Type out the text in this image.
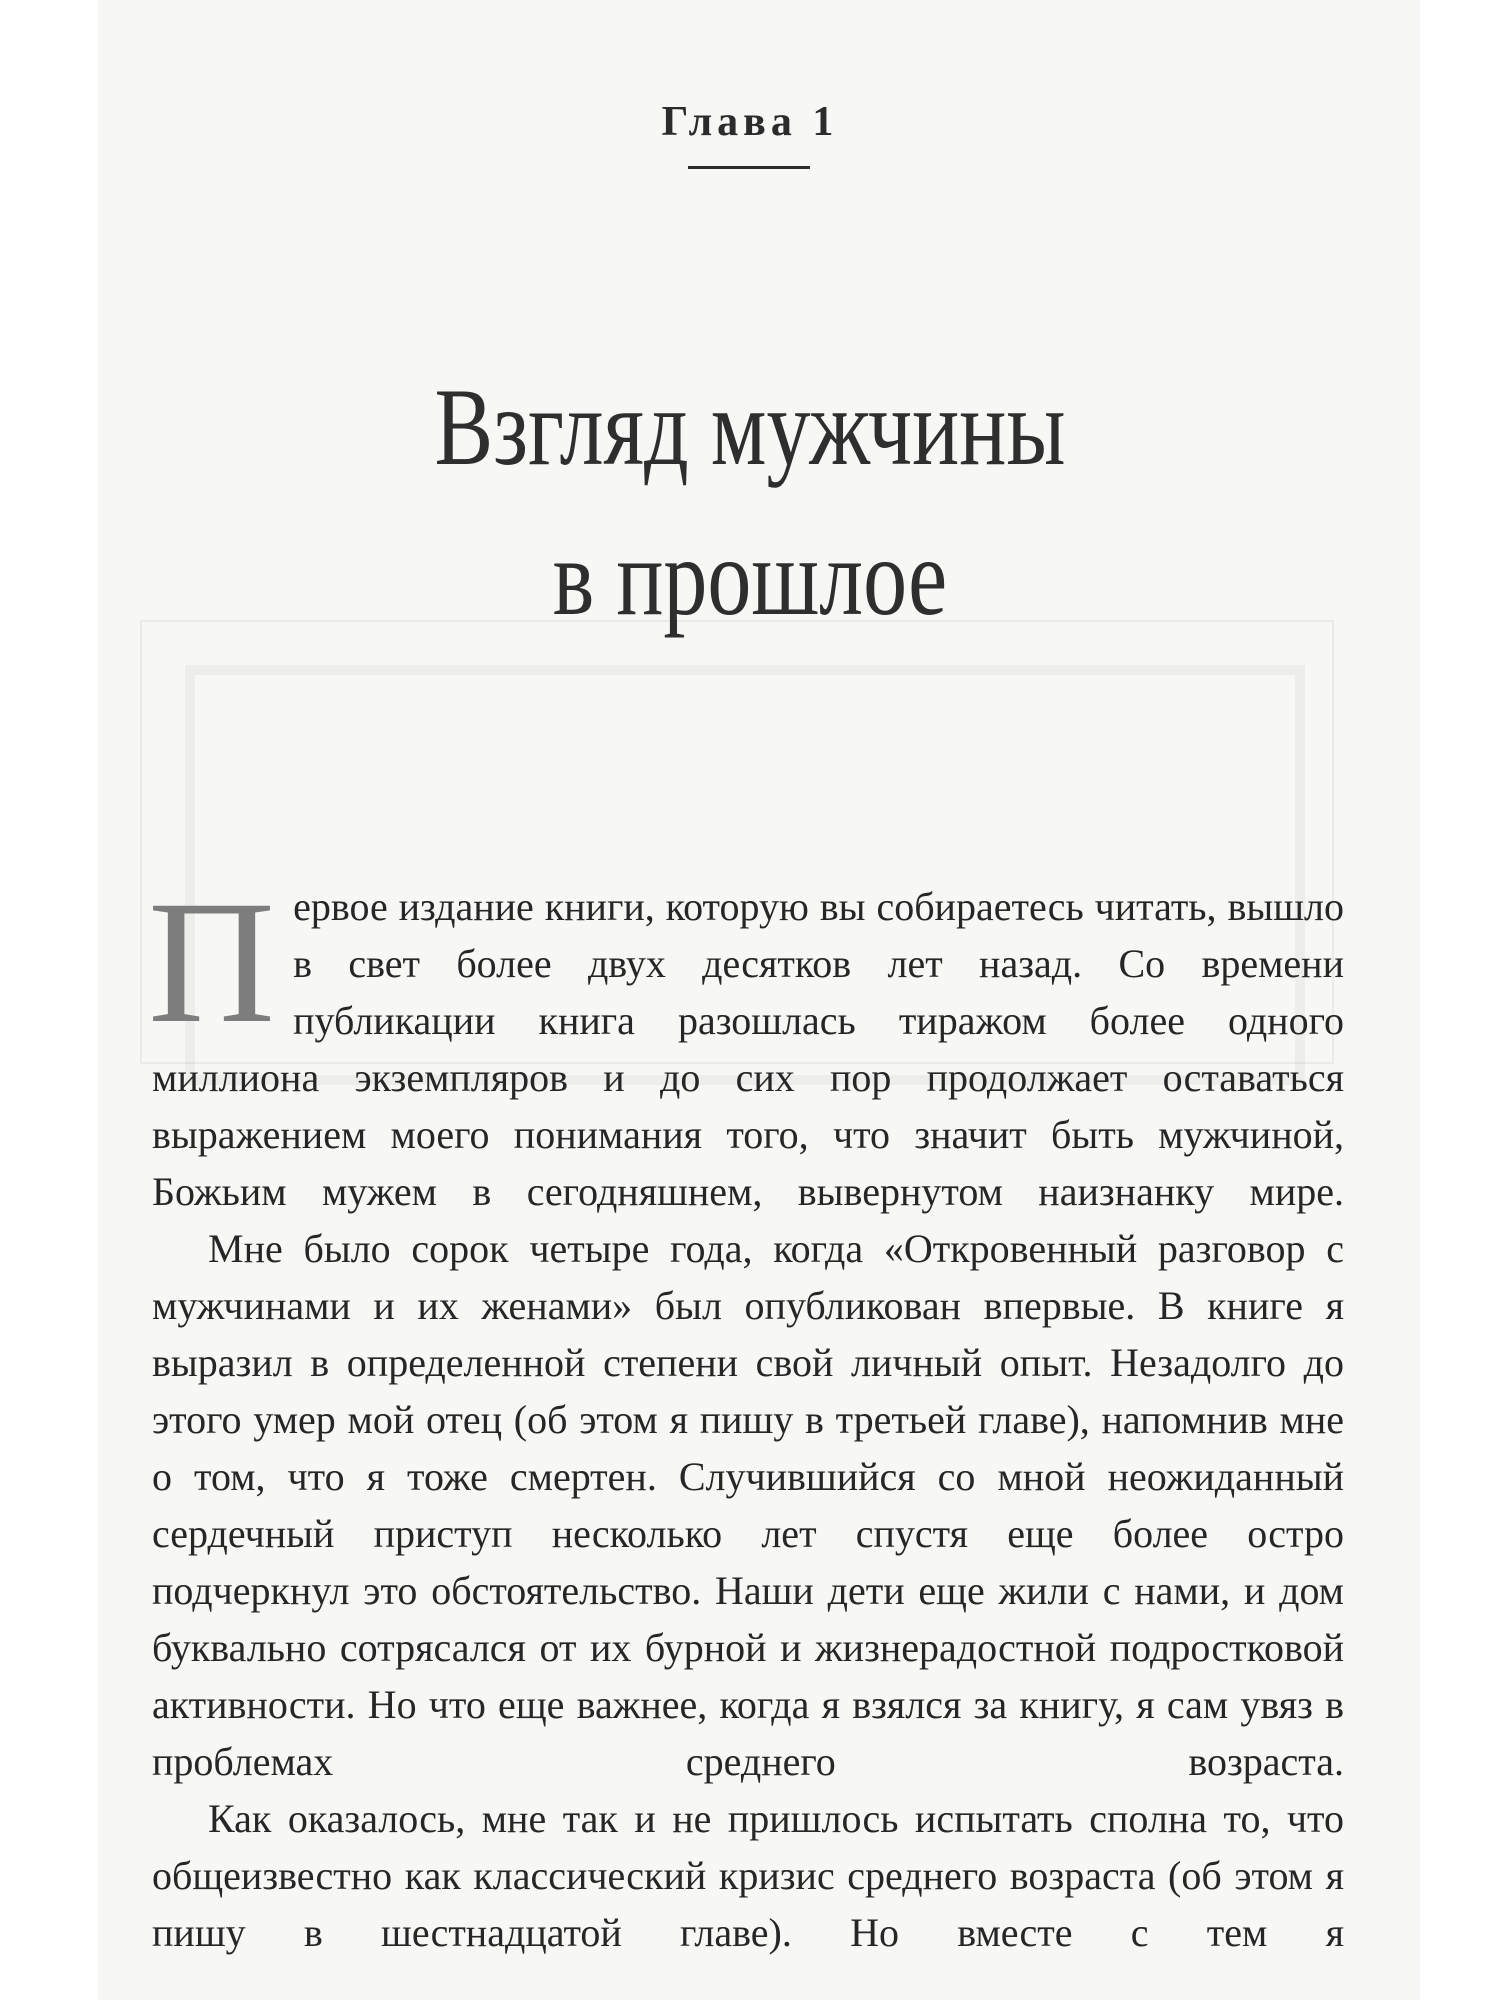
Глава 1
Взгляд мужчины
в прошлое

Первое издание книги, которую вы собираетесь читать, вышло в свет более двух десятков лет назад. Со времени публикации книга разошлась тиражом более одного миллиона экземпляров и до сих пор продолжает оставаться выражением моего понимания того, что значит быть мужчиной, Божьим мужем в сегодняшнем, вывернутом наизнанку мире.

Мне было сорок четыре года, когда «Откровенный разговор с мужчинами и их женами» был опубликован впервые. В книге я выразил в определенной степени свой личный опыт. Незадолго до этого умер мой отец (об этом я пишу в третьей главе), напомнив мне о том, что я тоже смертен. Случившийся со мной неожиданный сердечный приступ несколько лет спустя еще более остро подчеркнул это обстоятельство. Наши дети еще жили с нами, и дом буквально сотрясался от их бурной и жизнерадостной подростковой активности. Но что еще важнее, когда я взялся за книгу, я сам увяз в проблемах среднего возраста.

Как оказалось, мне так и не пришлось испытать сполна то, что общеизвестно как классический кризис среднего возраста (об этом я пишу в шестнадцатой главе). Но вместе с тем я
